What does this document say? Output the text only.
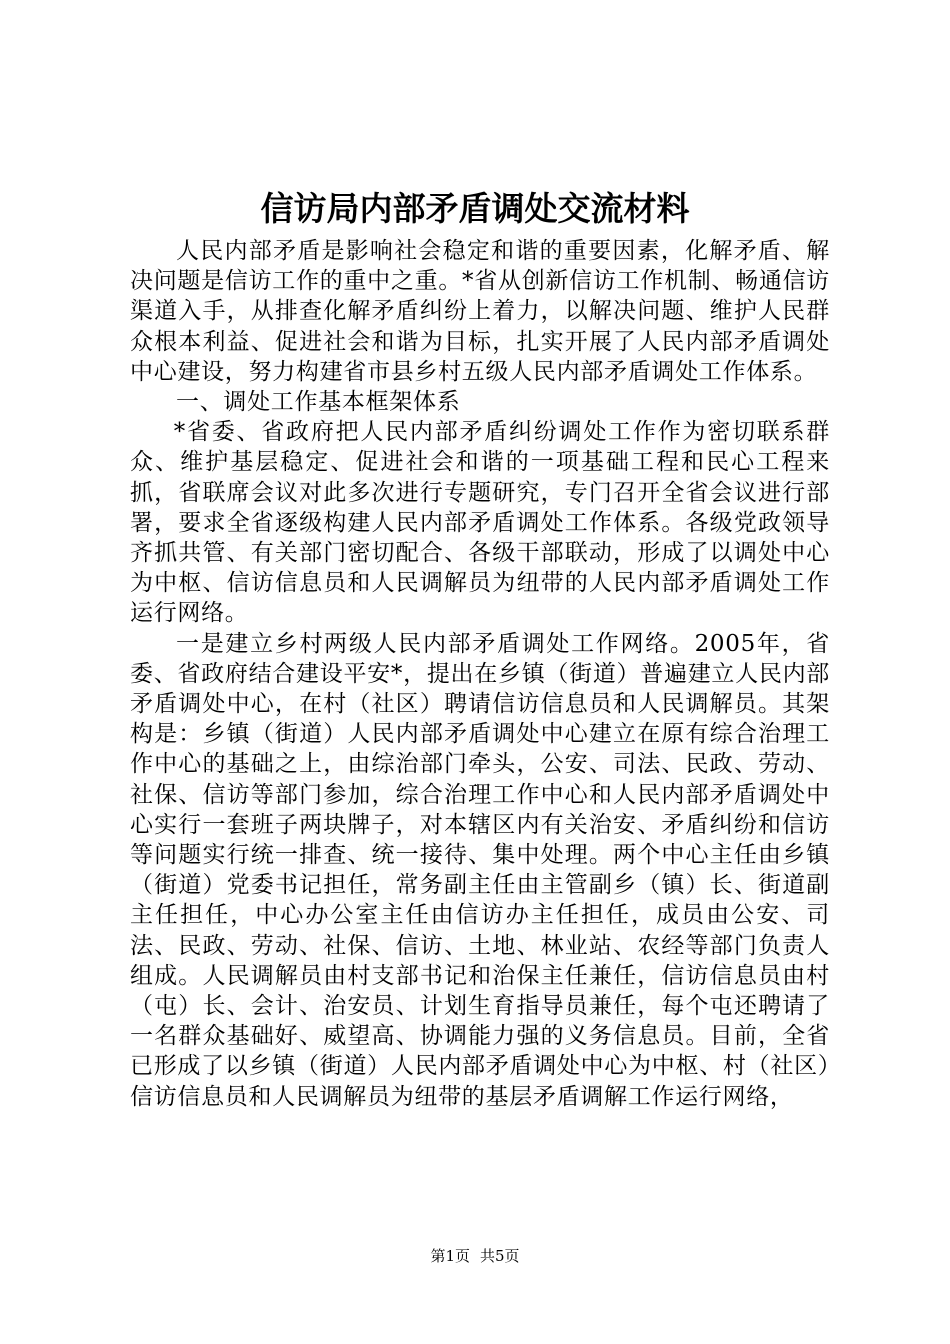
信访局内部矛盾调处交流材料

人民内部矛盾是影响社会稳定和谐的重要因素，化解矛盾、解决问题是信访工作的重中之重。*省从创新信访工作机制、畅通信访渠道入手，从排查化解矛盾纠纷上着力，以解决问题、维护人民群众根本利益、促进社会和谐为目标，扎实开展了人民内部矛盾调处中心建设，努力构建省市县乡村五级人民内部矛盾调处工作体系。

一、调处工作基本框架体系

*省委、省政府把人民内部矛盾纠纷调处工作作为密切联系群众、维护基层稳定、促进社会和谐的一项基础工程和民心工程来抓，省联席会议对此多次进行专题研究，专门召开全省会议进行部署，要求全省逐级构建人民内部矛盾调处工作体系。各级党政领导齐抓共管、有关部门密切配合、各级干部联动，形成了以调处中心为中枢、信访信息员和人民调解员为纽带的人民内部矛盾调处工作运行网络。

一是建立乡村两级人民内部矛盾调处工作网络。2005年，省委、省政府结合建设平安*，提出在乡镇（街道）普遍建立人民内部矛盾调处中心，在村（社区）聘请信访信息员和人民调解员。其架构是：乡镇（街道）人民内部矛盾调处中心建立在原有综合治理工作中心的基础之上，由综治部门牵头，公安、司法、民政、劳动、社保、信访等部门参加，综合治理工作中心和人民内部矛盾调处中心实行一套班子两块牌子，对本辖区内有关治安、矛盾纠纷和信访等问题实行统一排查、统一接待、集中处理。两个中心主任由乡镇（街道）党委书记担任，常务副主任由主管副乡（镇）长、街道副主任担任，中心办公室主任由信访办主任担任，成员由公安、司法、民政、劳动、社保、信访、土地、林业站、农经等部门负责人组成。人民调解员由村支部书记和治保主任兼任，信访信息员由村（屯）长、会计、治安员、计划生育指导员兼任，每个屯还聘请了一名群众基础好、威望高、协调能力强的义务信息员。目前，全省已形成了以乡镇（街道）人民内部矛盾调处中心为中枢、村（社区）信访信息员和人民调解员为纽带的基层矛盾调解工作运行网络，

第1页 共5页
